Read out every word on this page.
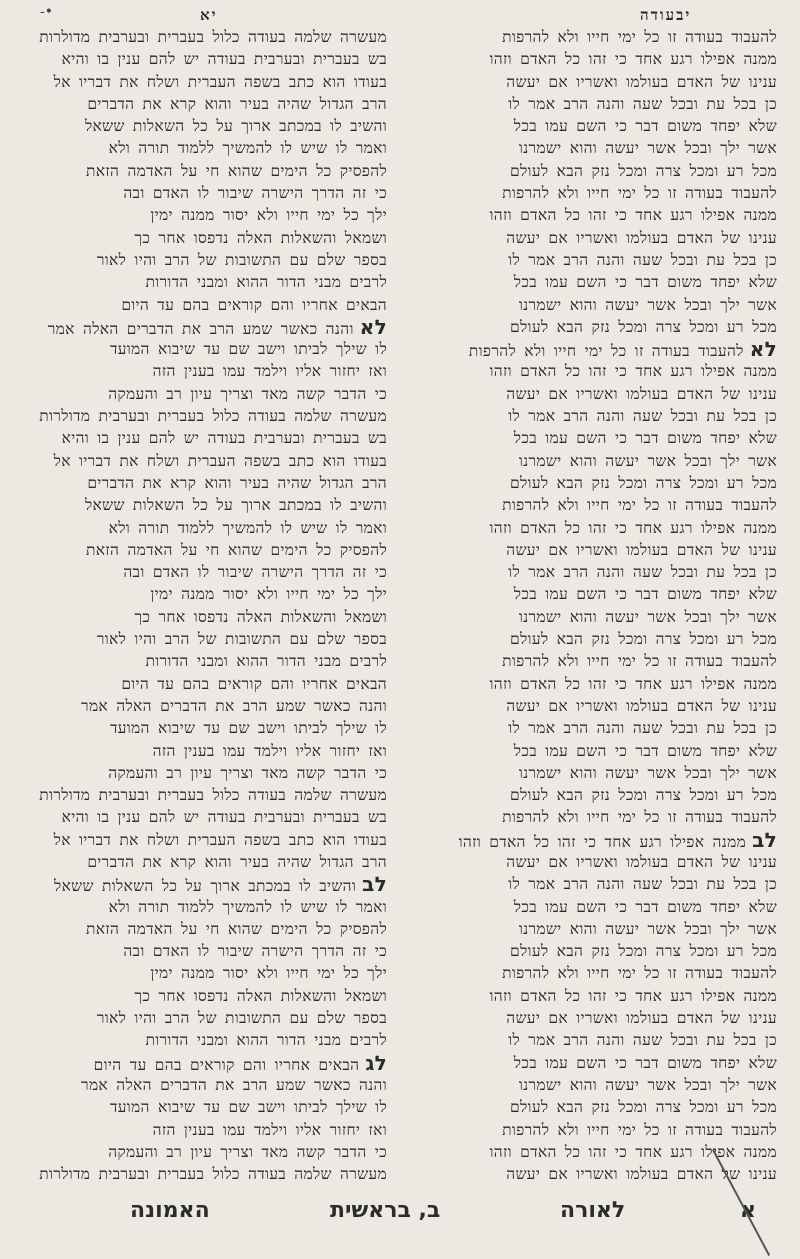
-•	יא	יבעודה
מעשרה שלמה בעודה כלול בעברית ובערבית מדולרות
בש בעברית ובערבית בעודה יש להם ענין בו והיא
בעודו הוא כתב בשפה העברית ושלח את דבריו אל
הרב הגדול שהיה בעיר והוא קרא את הדברים
והשיב לו במכתב ארוך על כל השאלות ששאל
ואמר לו שיש לו להמשיך ללמוד תורה ולא
להפסיק כל הימים שהוא חי על האדמה הזאת
כי זה הדרך הישרה שיבור לו האדם ובה
ילך כל ימי חייו ולא יסור ממנה ימין
ושמאל והשאלות האלה נדפסו אחר כך
בספר שלם עם התשובות של הרב והיו לאור
לרבים מבני הדור ההוא ומבני הדורות
הבאים אחריו והם קוראים בהם עד היום
לאוהנה כאשר שמע הרב את הדברים האלה אמר
לו שילך לביתו וישב שם עד שיבוא המועד
ואז יחזור אליו וילמד עמו בענין הזה
כי הדבר קשה מאד וצריך עיון רב והעמקה
מעשרה שלמה בעודה כלול בעברית ובערבית מדולרות
בש בעברית ובערבית בעודה יש להם ענין בו והיא
בעודו הוא כתב בשפה העברית ושלח את דבריו אל
הרב הגדול שהיה בעיר והוא קרא את הדברים
והשיב לו במכתב ארוך על כל השאלות ששאל
ואמר לו שיש לו להמשיך ללמוד תורה ולא
להפסיק כל הימים שהוא חי על האדמה הזאת
כי זה הדרך הישרה שיבור לו האדם ובה
ילך כל ימי חייו ולא יסור ממנה ימין
ושמאל והשאלות האלה נדפסו אחר כך
בספר שלם עם התשובות של הרב והיו לאור
לרבים מבני הדור ההוא ומבני הדורות
הבאים אחריו והם קוראים בהם עד היום
והנה כאשר שמע הרב את הדברים האלה אמר
לו שילך לביתו וישב שם עד שיבוא המועד
ואז יחזור אליו וילמד עמו בענין הזה
כי הדבר קשה מאד וצריך עיון רב והעמקה
מעשרה שלמה בעודה כלול בעברית ובערבית מדולרות
בש בעברית ובערבית בעודה יש להם ענין בו והיא
בעודו הוא כתב בשפה העברית ושלח את דבריו אל
הרב הגדול שהיה בעיר והוא קרא את הדברים
לבוהשיב לו במכתב ארוך על כל השאלות ששאל
ואמר לו שיש לו להמשיך ללמוד תורה ולא
להפסיק כל הימים שהוא חי על האדמה הזאת
כי זה הדרך הישרה שיבור לו האדם ובה
ילך כל ימי חייו ולא יסור ממנה ימין
ושמאל והשאלות האלה נדפסו אחר כך
בספר שלם עם התשובות של הרב והיו לאור
לרבים מבני הדור ההוא ומבני הדורות
לגהבאים אחריו והם קוראים בהם עד היום
והנה כאשר שמע הרב את הדברים האלה אמר
לו שילך לביתו וישב שם עד שיבוא המועד
ואז יחזור אליו וילמד עמו בענין הזה
כי הדבר קשה מאד וצריך עיון רב והעמקה
מעשרה שלמה בעודה כלול בעברית ובערבית מדולרות
להעבוד בעודה זו כל ימי חייו ולא להרפות
ממנה אפילו רגע אחד כי זהו כל האדם וזהו
ענינו של האדם בעולמו ואשריו אם יעשה
כן בכל עת ובכל שעה והנה הרב אמר לו
שלא יפחד משום דבר כי השם עמו בכל
אשר ילך ובכל אשר יעשה והוא ישמרנו
מכל רע ומכל צרה ומכל נזק הבא לעולם
להעבוד בעודה זו כל ימי חייו ולא להרפות
ממנה אפילו רגע אחד כי זהו כל האדם וזהו
ענינו של האדם בעולמו ואשריו אם יעשה
כן בכל עת ובכל שעה והנה הרב אמר לו
שלא יפחד משום דבר כי השם עמו בכל
אשר ילך ובכל אשר יעשה והוא ישמרנו
מכל רע ומכל צרה ומכל נזק הבא לעולם
לאלהעבוד בעודה זו כל ימי חייו ולא להרפות
ממנה אפילו רגע אחד כי זהו כל האדם וזהו
ענינו של האדם בעולמו ואשריו אם יעשה
כן בכל עת ובכל שעה והנה הרב אמר לו
שלא יפחד משום דבר כי השם עמו בכל
אשר ילך ובכל אשר יעשה והוא ישמרנו
מכל רע ומכל צרה ומכל נזק הבא לעולם
להעבוד בעודה זו כל ימי חייו ולא להרפות
ממנה אפילו רגע אחד כי זהו כל האדם וזהו
ענינו של האדם בעולמו ואשריו אם יעשה
כן בכל עת ובכל שעה והנה הרב אמר לו
שלא יפחד משום דבר כי השם עמו בכל
אשר ילך ובכל אשר יעשה והוא ישמרנו
מכל רע ומכל צרה ומכל נזק הבא לעולם
להעבוד בעודה זו כל ימי חייו ולא להרפות
ממנה אפילו רגע אחד כי זהו כל האדם וזהו
ענינו של האדם בעולמו ואשריו אם יעשה
כן בכל עת ובכל שעה והנה הרב אמר לו
שלא יפחד משום דבר כי השם עמו בכל
אשר ילך ובכל אשר יעשה והוא ישמרנו
מכל רע ומכל צרה ומכל נזק הבא לעולם
להעבוד בעודה זו כל ימי חייו ולא להרפות
לבממנה אפילו רגע אחד כי זהו כל האדם וזהו
ענינו של האדם בעולמו ואשריו אם יעשה
כן בכל עת ובכל שעה והנה הרב אמר לו
שלא יפחד משום דבר כי השם עמו בכל
אשר ילך ובכל אשר יעשה והוא ישמרנו
מכל רע ומכל צרה ומכל נזק הבא לעולם
להעבוד בעודה זו כל ימי חייו ולא להרפות
ממנה אפילו רגע אחד כי זהו כל האדם וזהו
ענינו של האדם בעולמו ואשריו אם יעשה
כן בכל עת ובכל שעה והנה הרב אמר לו
שלא יפחד משום דבר כי השם עמו בכל
אשר ילך ובכל אשר יעשה והוא ישמרנו
מכל רע ומכל צרה ומכל נזק הבא לעולם
להעבוד בעודה זו כל ימי חייו ולא להרפות
ממנה אפילו רגע אחד כי זהו כל האדם וזהו
ענינו של האדם בעולמו ואשריו אם יעשה
האמונה	ב, בראשית	לאורה	א
